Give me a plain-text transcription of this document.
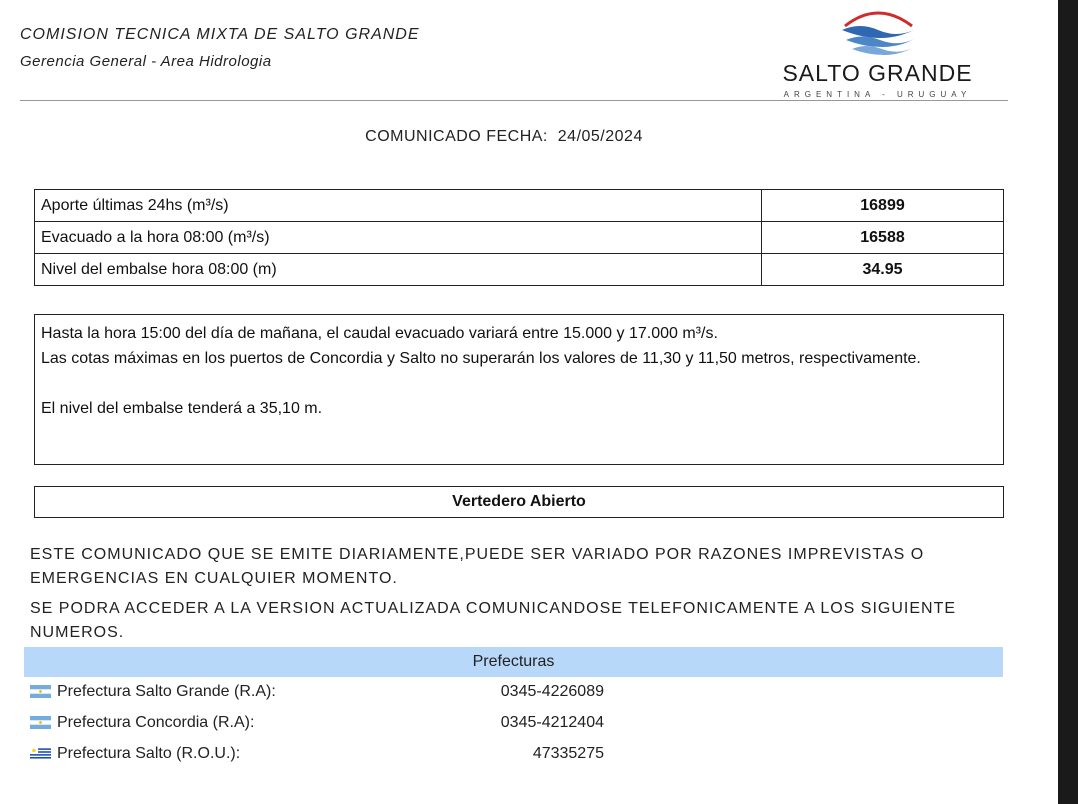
COMISION TECNICA MIXTA DE SALTO GRANDE
Gerencia General - Area Hidrologia	SALTO GRANDE
ARGENTINA - URUGUAY
COMUNICADO FECHA: 24/05/2024
Aporte últimas 24hs (m³/s)	16899
Evacuado a la hora 08:00 (m³/s)	16588
Nivel del embalse hora 08:00 (m)	34.95

Hasta la hora 15:00 del día de mañana, el caudal evacuado variará entre 15.000 y 17.000 m³/s.

Las cotas máximas en los puertos de Concordia y Salto no superarán los valores de 11,30 y 11,50 metros, respectivamente.

El nivel del embalse tenderá a 35,10 m.

Vertedero Abierto
ESTE COMUNICADO QUE SE EMITE DIARIAMENTE,PUEDE SER VARIADO POR RAZONES IMPREVISTAS O EMERGENCIAS EN CUALQUIER MOMENTO.
SE PODRA ACCEDER A LA VERSION ACTUALIZADA COMUNICANDOSE TELEFONICAMENTE A LOS SIGUIENTE NUMEROS.
Prefecturas
Prefectura Salto Grande (R.A):	0345-4226089
Prefectura Concordia (R.A):	0345-4212404
Prefectura Salto (R.O.U.):	47335275
